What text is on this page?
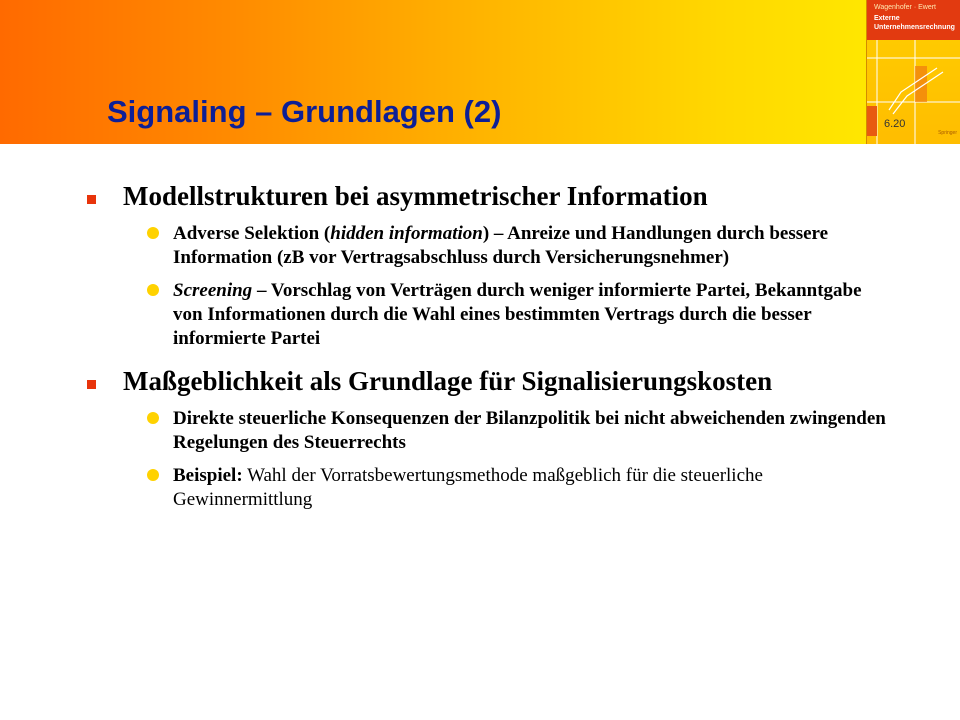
Wagenhofer · Ewert
Externe
Unternehmensrechnung
Springer
Signaling – Grundlagen (2)	6.20
Modellstrukturen bei asymmetrischer Information
Adverse Selektion (hidden information) – Anreize und Handlungen durch bessere Information (zB vor Vertragsabschluss durch Versicherungsnehmer)
Screening – Vorschlag von Verträgen durch weniger informierte Partei, Bekanntgabe von Informationen durch die Wahl eines bestimmten Vertrags durch die besser informierte Partei
Maßgeblichkeit als Grundlage für Signalisierungskosten
Direkte steuerliche Konsequenzen der Bilanzpolitik bei nicht abweichenden zwingenden Regelungen des Steuerrechts
Beispiel: Wahl der Vorratsbewertungsmethode maßgeblich für die steuerliche Gewinnermittlung
